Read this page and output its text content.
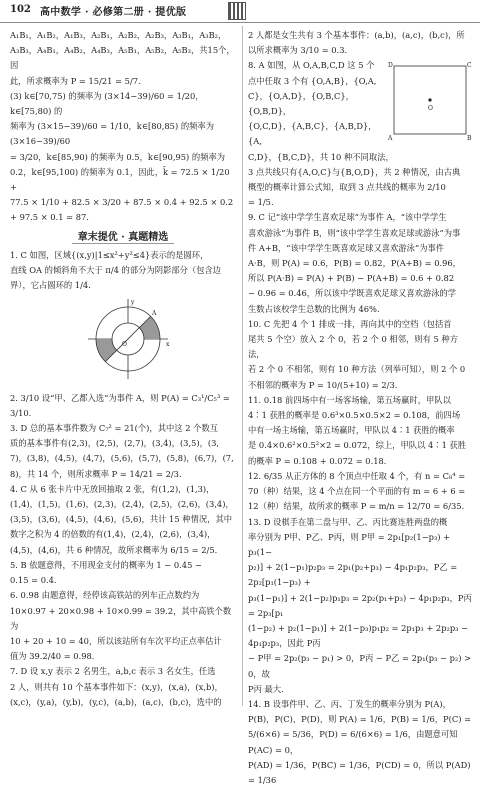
102 高中数学 · 必修第二册 · 提优版

A₁B₁，A₁B₂，A₁B₃，A₂B₁，A₂B₂，A₂B₃，A₃B₁，A₃B₂，

A₃B₃，A₄B₁，A₄B₂，A₄B₃，A₅B₁，A₅B₂，A₅B₃，共15个，因

此，所求概率为 P = 15/21 = 5/7.

(3) k∈[70,75) 的频率为 (3×14−39)/60 = 1/20，k∈[75,80) 的

频率为 (3×15−39)/60 = 1/10，k∈[80,85) 的频率为 (3×16−39)/60

= 3/20，k∈[85,90) 的频率为 0.5，k∈[90,95) 的频率为

0.2，k∈[95,100) 的频率为 0.1，因此，k̄ = 72.5 × 1/20 +

77.5 × 1/10 + 82.5 × 3/20 + 87.5 × 0.4 + 92.5 × 0.2 + 97.5 × 0.1 = 87.

章末提优 · 真题精选

1. C 如图，区域{(x,y)|1≤x²+y²≤4}表示的是圆环，

直线 OA 的倾斜角不大于 π/4 的部分为阴影部分（包含边

界），它占圆环的 1/4.

x
y
O
A

2. 3/10 设“甲、乙都入选”为事件 A，则 P(A) = C₃¹/C₅³ = 3/10.

3. D 总的基本事件数为 C₇² = 21(个)，其中这 2 个数互

质的基本事件有(2,3)，(2,5)，(2,7)，(3,4)，(3,5)，(3,

7)，(3,8)，(4,5)，(4,7)，(5,6)，(5,7)，(5,8)，(6,7)，(7,

8)，共 14 个，则所求概率 P = 14/21 = 2/3.

4. C 从 6 张卡片中无放回抽取 2 张，有(1,2)，(1,3)，

(1,4)，(1,5)，(1,6)，(2,3)，(2,4)，(2,5)，(2,6)，(3,4)，

(3,5)，(3,6)，(4,5)，(4,6)，(5,6)，共计 15 种情况，其中

数字之积为 4 的倍数的有(1,4)，(2,4)，(2,6)，(3,4)，

(4,5)，(4,6)，共 6 种情况，故所求概率为 6/15 = 2/5.

5. B 依题意得，不用现金支付的概率为 1 − 0.45 −

0.15 = 0.4.

6. 0.98 由题意得，经停该高铁站的列车正点数约为

10×0.97 + 20×0.98 + 10×0.99 = 39.2，其中高铁个数为

10 + 20 + 10 = 40，所以该站所有车次平均正点率估计

值为 39.2/40 = 0.98.

7. D 设 x,y 表示 2 名男生，a,b,c 表示 3 名女生，任选

2 人，则共有 10 个基本事件如下：(x,y)，(x,a)，(x,b)，

(x,c)，(y,a)，(y,b)，(y,c)，(a,b)，(a,c)，(b,c)，选中的

2 人都是女生共有 3 个基本事件：(a,b)，(a,c)，(b,c)，所

以所求概率为 3/10 = 0.3.

D	C
A	B
O

8. A 如图，从 O,A,B,C,D 这 5 个

点中任取 3 个有 {O,A,B}，{O,A,

C}，{O,A,D}，{O,B,C}，{O,B,D}，

{O,C,D}，{A,B,C}，{A,B,D}，{A,

C,D}，{B,C,D}，共 10 种不同取法，

3 点共线只有{A,O,C}与{B,O,D}，共 2 种情况，由古典

概型的概率计算公式知，取到 3 点共线的概率为 2/10

= 1/5.

9. C 记“该中学学生喜欢足球”为事件 A，“该中学学生

喜欢游泳”为事件 B，则“该中学学生喜欢足球或游泳”为事

件 A+B，“该中学学生既喜欢足球又喜欢游泳”为事件

A·B，则 P(A) = 0.6，P(B) = 0.82，P(A+B) = 0.96，

所以 P(A·B) = P(A) + P(B) − P(A+B) = 0.6 + 0.82

− 0.96 = 0.46，所以该中学既喜欢足球又喜欢游泳的学

生数占该校学生总数的比例为 46%.

10. C 先把 4 个 1 排成一排，再向其中的空档（包括首

尾共 5 个空）放入 2 个 0，若 2 个 0 相邻，则有 5 种方法，

若 2 个 0 不相邻，则有 10 种方法（列举可知），则 2 个 0

不相邻的概率为 P = 10/(5+10) = 2/3.

11. 0.18 前四场中有一场客场输，第五场赢时，甲队以

4∶1 获胜的概率是 0.6³×0.5×0.5×2 = 0.108，前四场

中有一场主场输，第五场赢时，甲队以 4∶1 获胜的概率

是 0.4×0.6²×0.5²×2 = 0.072，综上，甲队以 4∶1 获胜

的概率 P = 0.108 + 0.072 = 0.18.

12. 6/35 从正方体的 8 个顶点中任取 4 个，有 n = C₈⁴ =

70（种）结果，这 4 个点在同一个平面的有 m = 6 + 6 =

12（种）结果，故所求的概率 P = m/n = 12/70 = 6/35.

13. D 设棋手在第二盘与甲、乙、丙比赛连胜两盘的概

率分别为 P甲、P乙、P丙，则 P甲 = 2p₁[p₂(1−p₃) + p₃(1−

p₂)] + 2(1−p₁)p₂p₃ = 2p₁(p₂+p₃) − 4p₁p₂p₃，P乙 = 2p₂[p₁(1−p₃) +

p₃(1−p₁)] + 2(1−p₂)p₁p₃ = 2p₂(p₁+p₃) − 4p₁p₂p₃，P丙 = 2p₃[p₁

(1−p₂) + p₂(1−p₁)] + 2(1−p₃)p₁p₂ = 2p₁p₃ + 2p₂p₃ − 4p₁p₂p₃，因此 P丙

− P甲 = 2p₂(p₃ − p₁) > 0，P丙 − P乙 = 2p₁(p₃ − p₂) > 0，故

P丙 最大.

14. B 设事件甲、乙、丙、丁发生的概率分别为 P(A)，

P(B)，P(C)，P(D)，则 P(A) = 1/6，P(B) = 1/6，P(C) =

5/(6×6) = 5/36，P(D) = 6/(6×6) = 1/6，由题意可知 P(AC) = 0，

P(AD) = 1/36，P(BC) = 1/36，P(CD) = 0，所以 P(AD) = 1/36
